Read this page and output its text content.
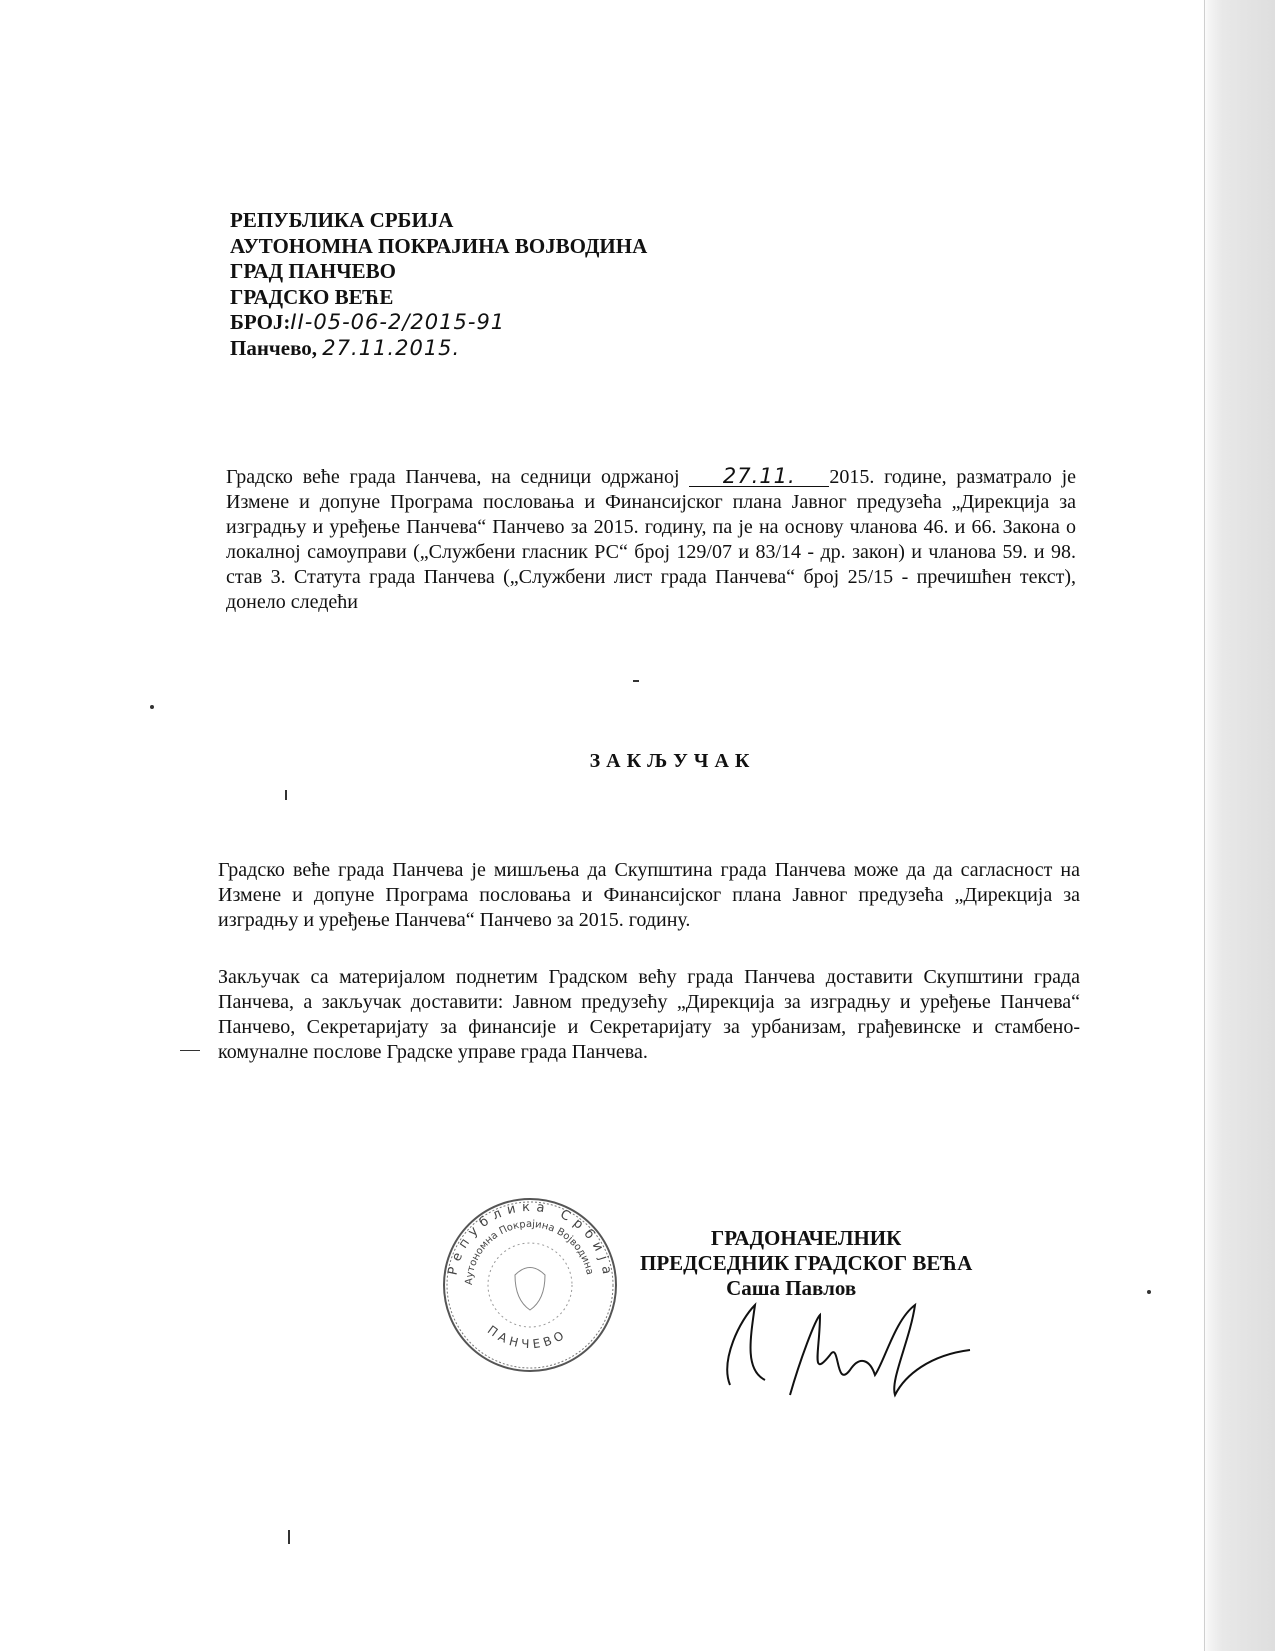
РЕПУБЛИКА СРБИЈА
АУТОНОМНА ПОКРАЈИНА ВОЈВОДИНА
ГРАД ПАНЧЕВО
ГРАДСКО ВЕЋЕ
БРОЈ:II-05-06-2/2015-91
Панчево, 27.11.2015.
Градско веће града Панчева, на седници одржаној 27.11. 2015. године, разматрало је Измене и допуне Програма пословања и Финансијског плана Јавног предузећа „Дирекција за изградњу и уређење Панчева“ Панчево за 2015. годину, па је на основу чланова 46. и 66. Закона о локалној самоуправи („Службени гласник РС“ број 129/07 и 83/14 - др. закон) и чланова 59. и 98. став 3. Статута града Панчева („Службени лист града Панчева“ број 25/15 - пречишћен текст), донело следећи
ЗАКЉУЧАК
Градско веће града Панчева је мишљења да Скупштина града Панчева може да да сагласност на Измене и допуне Програма пословања и Финансијског плана Јавног предузећа „Дирекција за изградњу и уређење Панчева“ Панчево за 2015. годину.
Закључак са материјалом поднетим Градском већу града Панчева доставити Скупштини града Панчева, а закључак доставити: Јавном предузећу „Дирекција за изградњу и уређење Панчева“ Панчево, Секретаријату за финансије и Секретаријату за урбанизам, грађевинске и стамбено-комуналне послове Градске управе града Панчева.
Република Србија
Аутономна Покрајина Војводина
ПАНЧЕВО
ГРАДОНАЧЕЛНИК
ПРЕДСЕДНИК ГРАДСКОГ ВЕЋА
Саша Павлов
